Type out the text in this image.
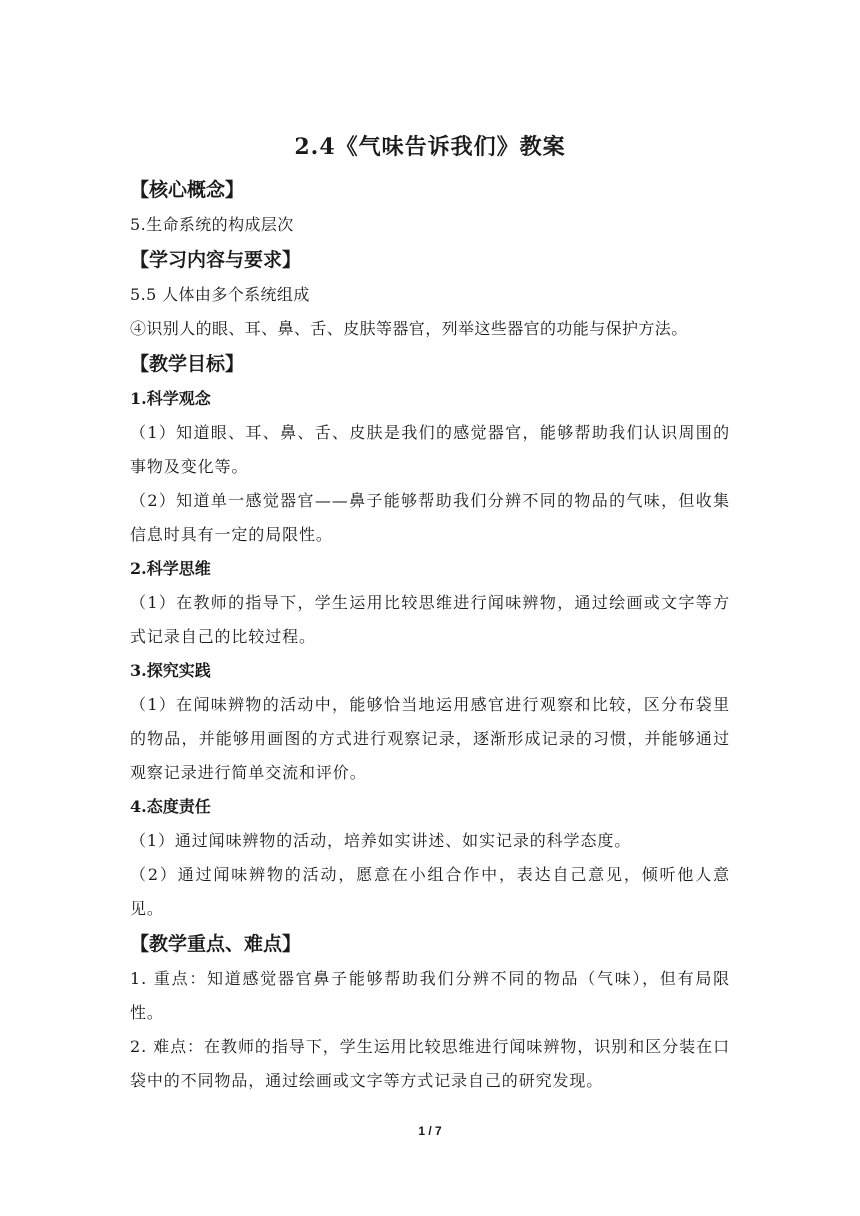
2.4《气味告诉我们》教案

【核心概念】

5.生命系统的构成层次

【学习内容与要求】

5.5 人体由多个系统组成

④识别人的眼、耳、鼻、舌、皮肤等器官，列举这些器官的功能与保护方法。

【教学目标】

1.科学观念

（1）知道眼、耳、鼻、舌、皮肤是我们的感觉器官，能够帮助我们认识周围的事物及变化等。

（2）知道单一感觉器官——鼻子能够帮助我们分辨不同的物品的气味，但收集信息时具有一定的局限性。

2.科学思维

（1）在教师的指导下，学生运用比较思维进行闻味辨物，通过绘画或文字等方式记录自己的比较过程。

3.探究实践

（1）在闻味辨物的活动中，能够恰当地运用感官进行观察和比较，区分布袋里的物品，并能够用画图的方式进行观察记录，逐渐形成记录的习惯，并能够通过观察记录进行简单交流和评价。

4.态度责任

（1）通过闻味辨物的活动，培养如实讲述、如实记录的科学态度。

（2）通过闻味辨物的活动，愿意在小组合作中，表达自己意见，倾听他人意见。

【教学重点、难点】

1. 重点：知道感觉器官鼻子能够帮助我们分辨不同的物品（气味），但有局限性。

2. 难点：在教师的指导下，学生运用比较思维进行闻味辨物，识别和区分装在口袋中的不同物品，通过绘画或文字等方式记录自己的研究发现。

1 / 7
